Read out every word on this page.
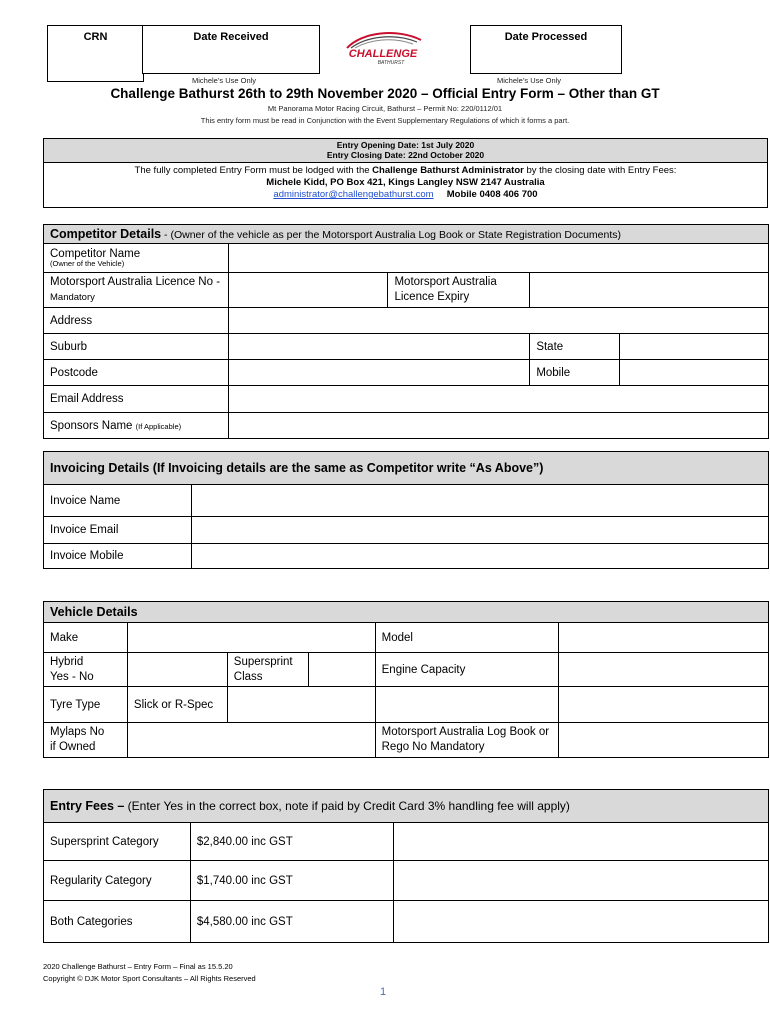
CRN	Date Received	Date Processed
CHALLENGE
BATHURST
Michele’s Use Only	Michele’s Use Only
Challenge Bathurst 26th to 29th November 2020 – Official Entry Form – Other than GT
Mt Panorama Motor Racing Circuit, Bathurst – Permit No: 220/0112/01
This entry form must be read in Conjunction with the Event Supplementary Regulations of which it forms a part.
Entry Opening Date: 1st July 2020
Entry Closing Date: 22nd October 2020
The fully completed Entry Form must be lodged with the Challenge Bathurst Administrator by the closing date with Entry Fees:
Michele Kidd, PO Box 421, Kings Langley NSW 2147 Australia
administrator@challengebathurst.com Mobile 0408 406 700
Competitor Details - (Owner of the vehicle as per the Motorsport Australia Log Book or State Registration Documents)				

Competitor Name
(Owner of the Vehicle)				

Motorsport Australia Licence No - Mandatory		Motorsport Australia Licence Expiry		
Address				
Suburb			State	
Postcode			Mobile	
Email Address				
Sponsors Name (If Applicable)				
Invoicing Details (If Invoicing details are the same as Competitor write “As Above”)	
Invoice Name	
Invoice Email	
Invoice Mobile	
Vehicle Details					
Make				Model	

Hybrid
Yes - No		Supersprint Class		Engine Capacity	
Tyre Type	Slick or R-Spec				

Mylaps No
if Owned				Motorsport Australia Log Book or Rego No Mandatory	
Entry Fees – (Enter Yes in the correct box, note if paid by Credit Card 3% handling fee will apply)		
Supersprint Category	$2,840.00 inc GST	
Regularity Category	$1,740.00 inc GST	
Both Categories	$4,580.00 inc GST	
2020 Challenge Bathurst – Entry Form – Final as 15.5.20
Copyright © DJK Motor Sport Consultants – All Rights Reserved
1
